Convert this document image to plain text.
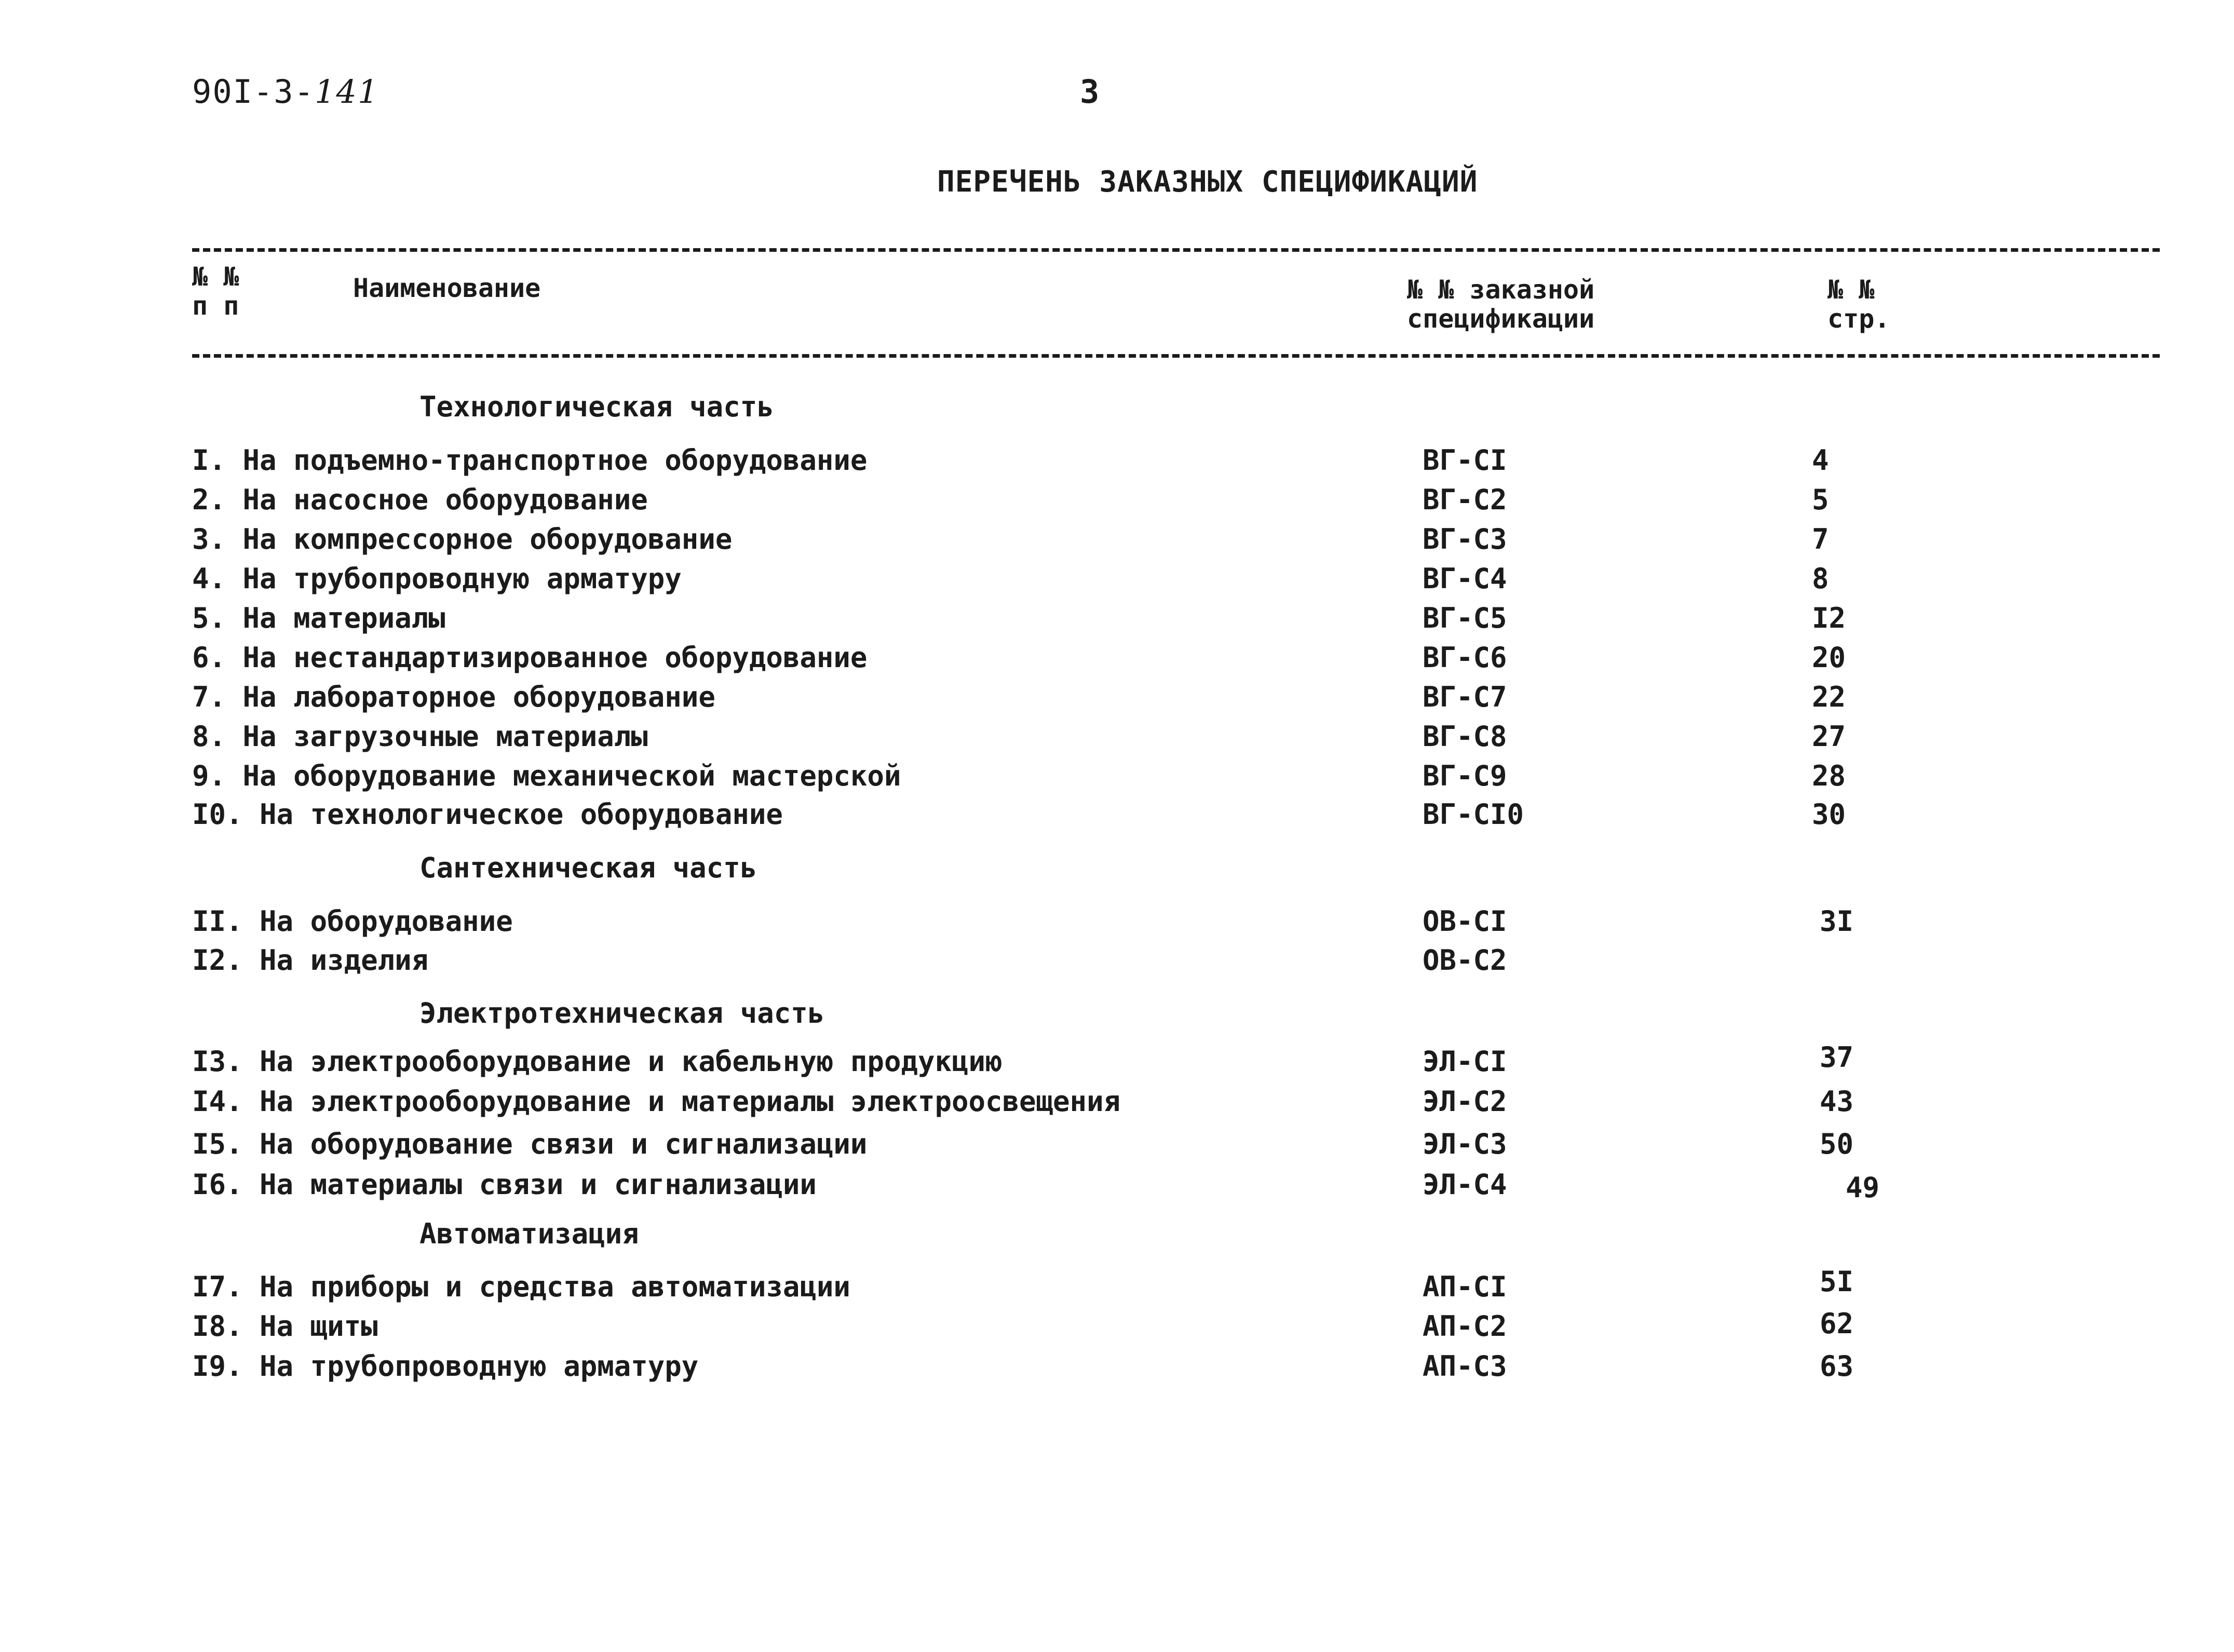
90I-3-141	3
ПЕРЕЧЕНЬ ЗАКАЗНЫХ СПЕЦИФИКАЦИЙ
№ №
п п
Наименование	№ № заказной
спецификации
№ №
стр.
Технологическая часть
I. На подъемно-транспортное оборудование	ВГ-СI	4
2. На насосное оборудование	ВГ-С2	5
3. На компрессорное оборудование	ВГ-С3	7
4. На трубопроводную арматуру	ВГ-С4	8
5. На материалы	ВГ-С5	I2
6. На нестандартизированное оборудование	ВГ-С6	20
7. На лабораторное оборудование	ВГ-С7	22
8. На загрузочные материалы	ВГ-С8	27
9. На оборудование механической мастерской	ВГ-С9	28
I0. На технологическое оборудование	ВГ-СI0	30
Сантехническая часть
II. На оборудование	ОВ-СI	3I
I2. На изделия	ОВ-С2
Электротехническая часть
I3. На электрооборудование и кабельную продукцию	ЭЛ-СI	37
I4. На электрооборудование и материалы электроосвещения	ЭЛ-С2	43
I5. На оборудование связи и сигнализации	ЭЛ-С3	50
I6. На материалы связи и сигнализации	ЭЛ-С4	49
Автоматизация
I7. На приборы и средства автоматизации	АП-СI	5I
I8. На щиты	АП-С2	62
I9. На трубопроводную арматуру	АП-С3	63
